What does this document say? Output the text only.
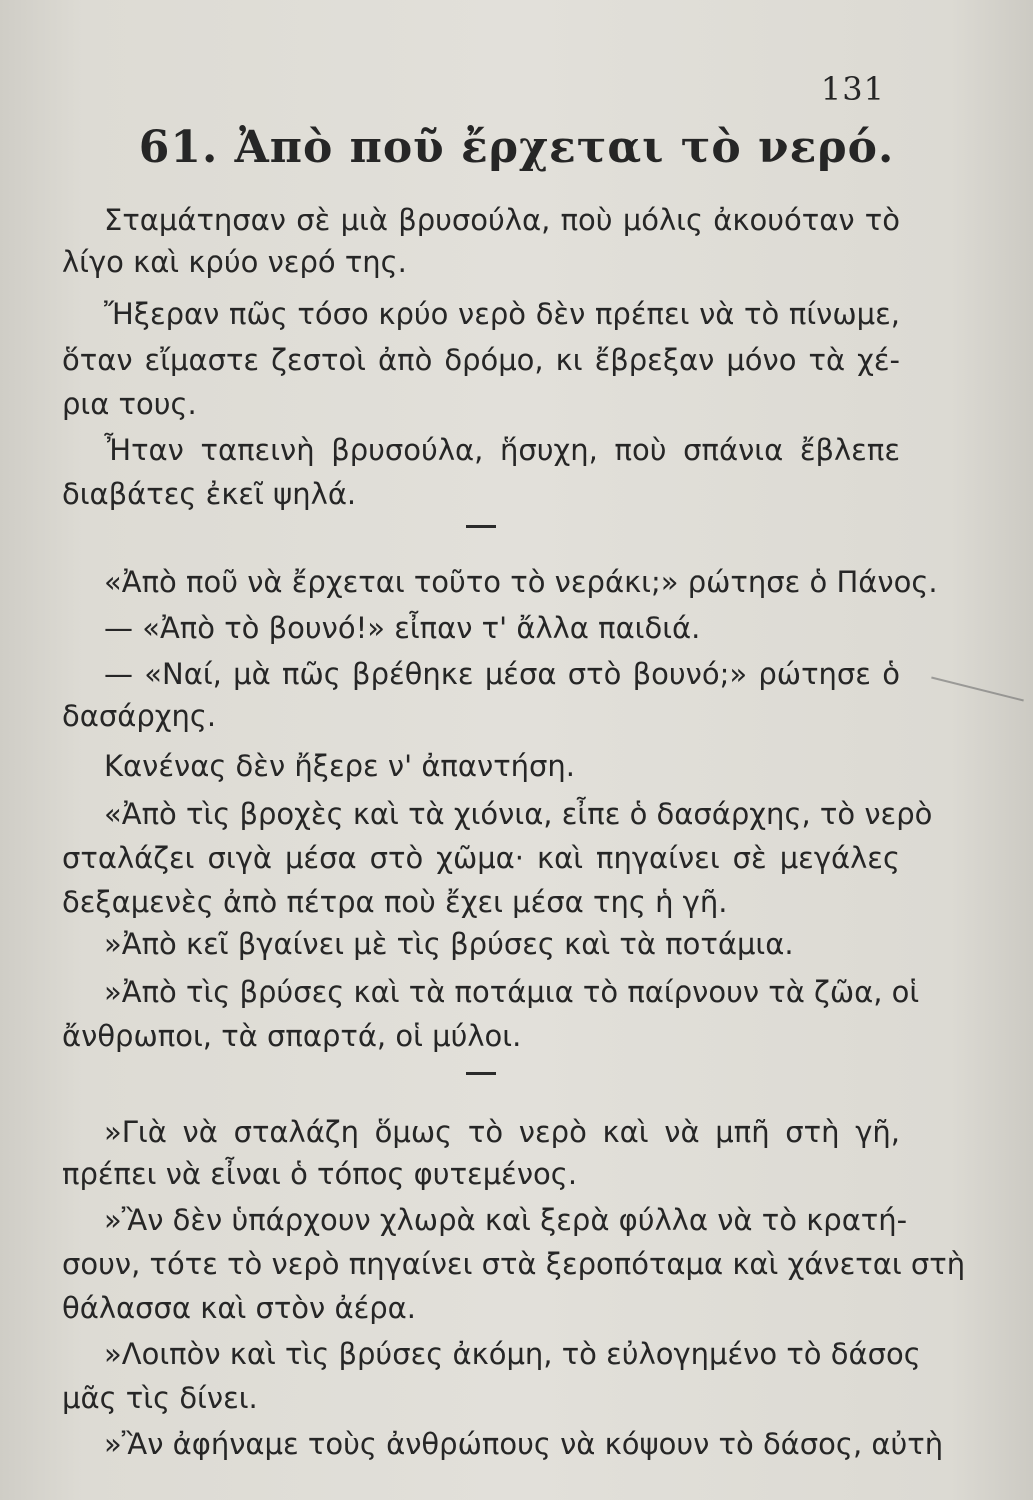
131
61. Ἀπὸ ποῦ ἔρχεται τὸ νερό.
Σταμάτησαν σὲ μιὰ βρυσούλα, ποὺ μόλις ἀκουόταν τὸ
λίγο καὶ κρύο νερό της.
Ἤξεραν πῶς τόσο κρύο νερὸ δὲν πρέπει νὰ τὸ πίνωμε,
ὅταν εἴμαστε ζεστοὶ ἀπὸ δρόμο, κι ἔβρεξαν μόνο τὰ χέ-
ρια τους.
Ἦταν ταπεινὴ βρυσούλα, ἥσυχη, ποὺ σπάνια ἔβλεπε
διαβάτες ἐκεῖ ψηλά.
«Ἀπὸ ποῦ νὰ ἔρχεται τοῦτο τὸ νεράκι;» ρώτησε ὁ Πάνος.
— «Ἀπὸ τὸ βουνό!» εἶπαν τ' ἄλλα παιδιά.
— «Ναί, μὰ πῶς βρέθηκε μέσα στὸ βουνό;» ρώτησε ὁ
δασάρχης.
Κανένας δὲν ἤξερε ν' ἀπαντήση.
«Ἀπὸ τὶς βροχὲς καὶ τὰ χιόνια, εἶπε ὁ δασάρχης, τὸ νερὸ
σταλάζει σιγὰ μέσα στὸ χῶμα· καὶ πηγαίνει σὲ μεγάλες
δεξαμενὲς ἀπὸ πέτρα ποὺ ἔχει μέσα της ἡ γῆ.
»Ἀπὸ κεῖ βγαίνει μὲ τὶς βρύσες καὶ τὰ ποτάμια.
»Ἀπὸ τὶς βρύσες καὶ τὰ ποτάμια τὸ παίρνουν τὰ ζῶα, οἱ
ἄνθρωποι, τὰ σπαρτά, οἱ μύλοι.
»Γιὰ νὰ σταλάζη ὅμως τὸ νερὸ καὶ νὰ μπῆ στὴ γῆ,
πρέπει νὰ εἶναι ὁ τόπος φυτεμένος.
»Ἂν δὲν ὑπάρχουν χλωρὰ καὶ ξερὰ φύλλα νὰ τὸ κρατή-
σουν, τότε τὸ νερὸ πηγαίνει στὰ ξεροπόταμα καὶ χάνεται στὴ
θάλασσα καὶ στὸν ἀέρα.
»Λοιπὸν καὶ τὶς βρύσες ἀκόμη, τὸ εὐλογημένο τὸ δάσος
μᾶς τὶς δίνει.
»Ἂν ἀφήναμε τοὺς ἀνθρώπους νὰ κόψουν τὸ δάσος, αὐτὴ
